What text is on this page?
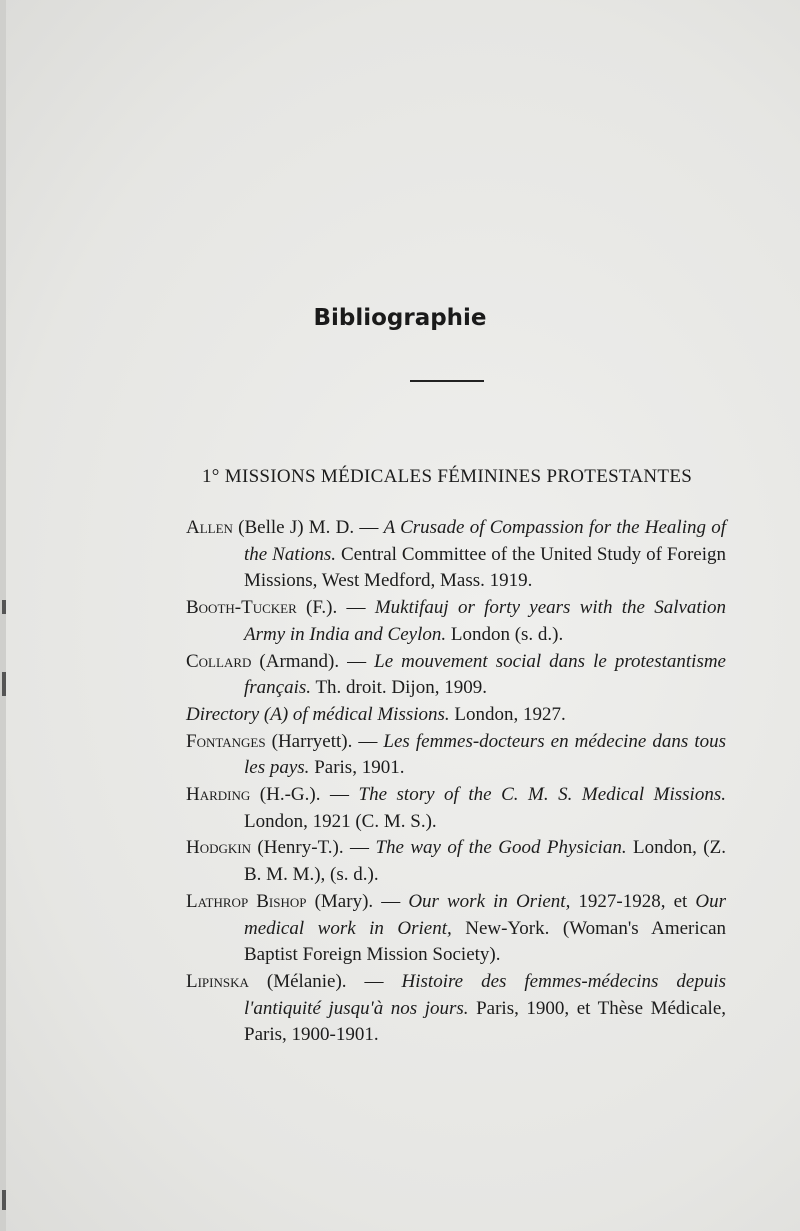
Bibliographie
1° MISSIONS MÉDICALES FÉMININES PROTESTANTES
Allen (Belle J) M. D. — A Crusade of Compassion for the Healing of the Nations. Central Committee of the United Study of Foreign Missions, West Medford, Mass. 1919.
Booth-Tucker (F.). — Muktifauj or forty years with the Salvation Army in India and Ceylon. London (s. d.).
Collard (Armand). — Le mouvement social dans le protestantisme français. Th. droit. Dijon, 1909.
Directory (A) of médical Missions. London, 1927.
Fontanges (Harryett). — Les femmes-docteurs en médecine dans tous les pays. Paris, 1901.
Harding (H.-G.). — The story of the C. M. S. Medical Missions. London, 1921 (C. M. S.).
Hodgkin (Henry-T.). — The way of the Good Physician. London, (Z. B. M. M.), (s. d.).
Lathrop Bishop (Mary). — Our work in Orient, 1927-1928, et Our medical work in Orient, New-York. (Woman's American Baptist Foreign Mission Society).
Lipinska (Mélanie). — Histoire des femmes-médecins depuis l'antiquité jusqu'à nos jours. Paris, 1900, et Thèse Médicale, Paris, 1900-1901.
